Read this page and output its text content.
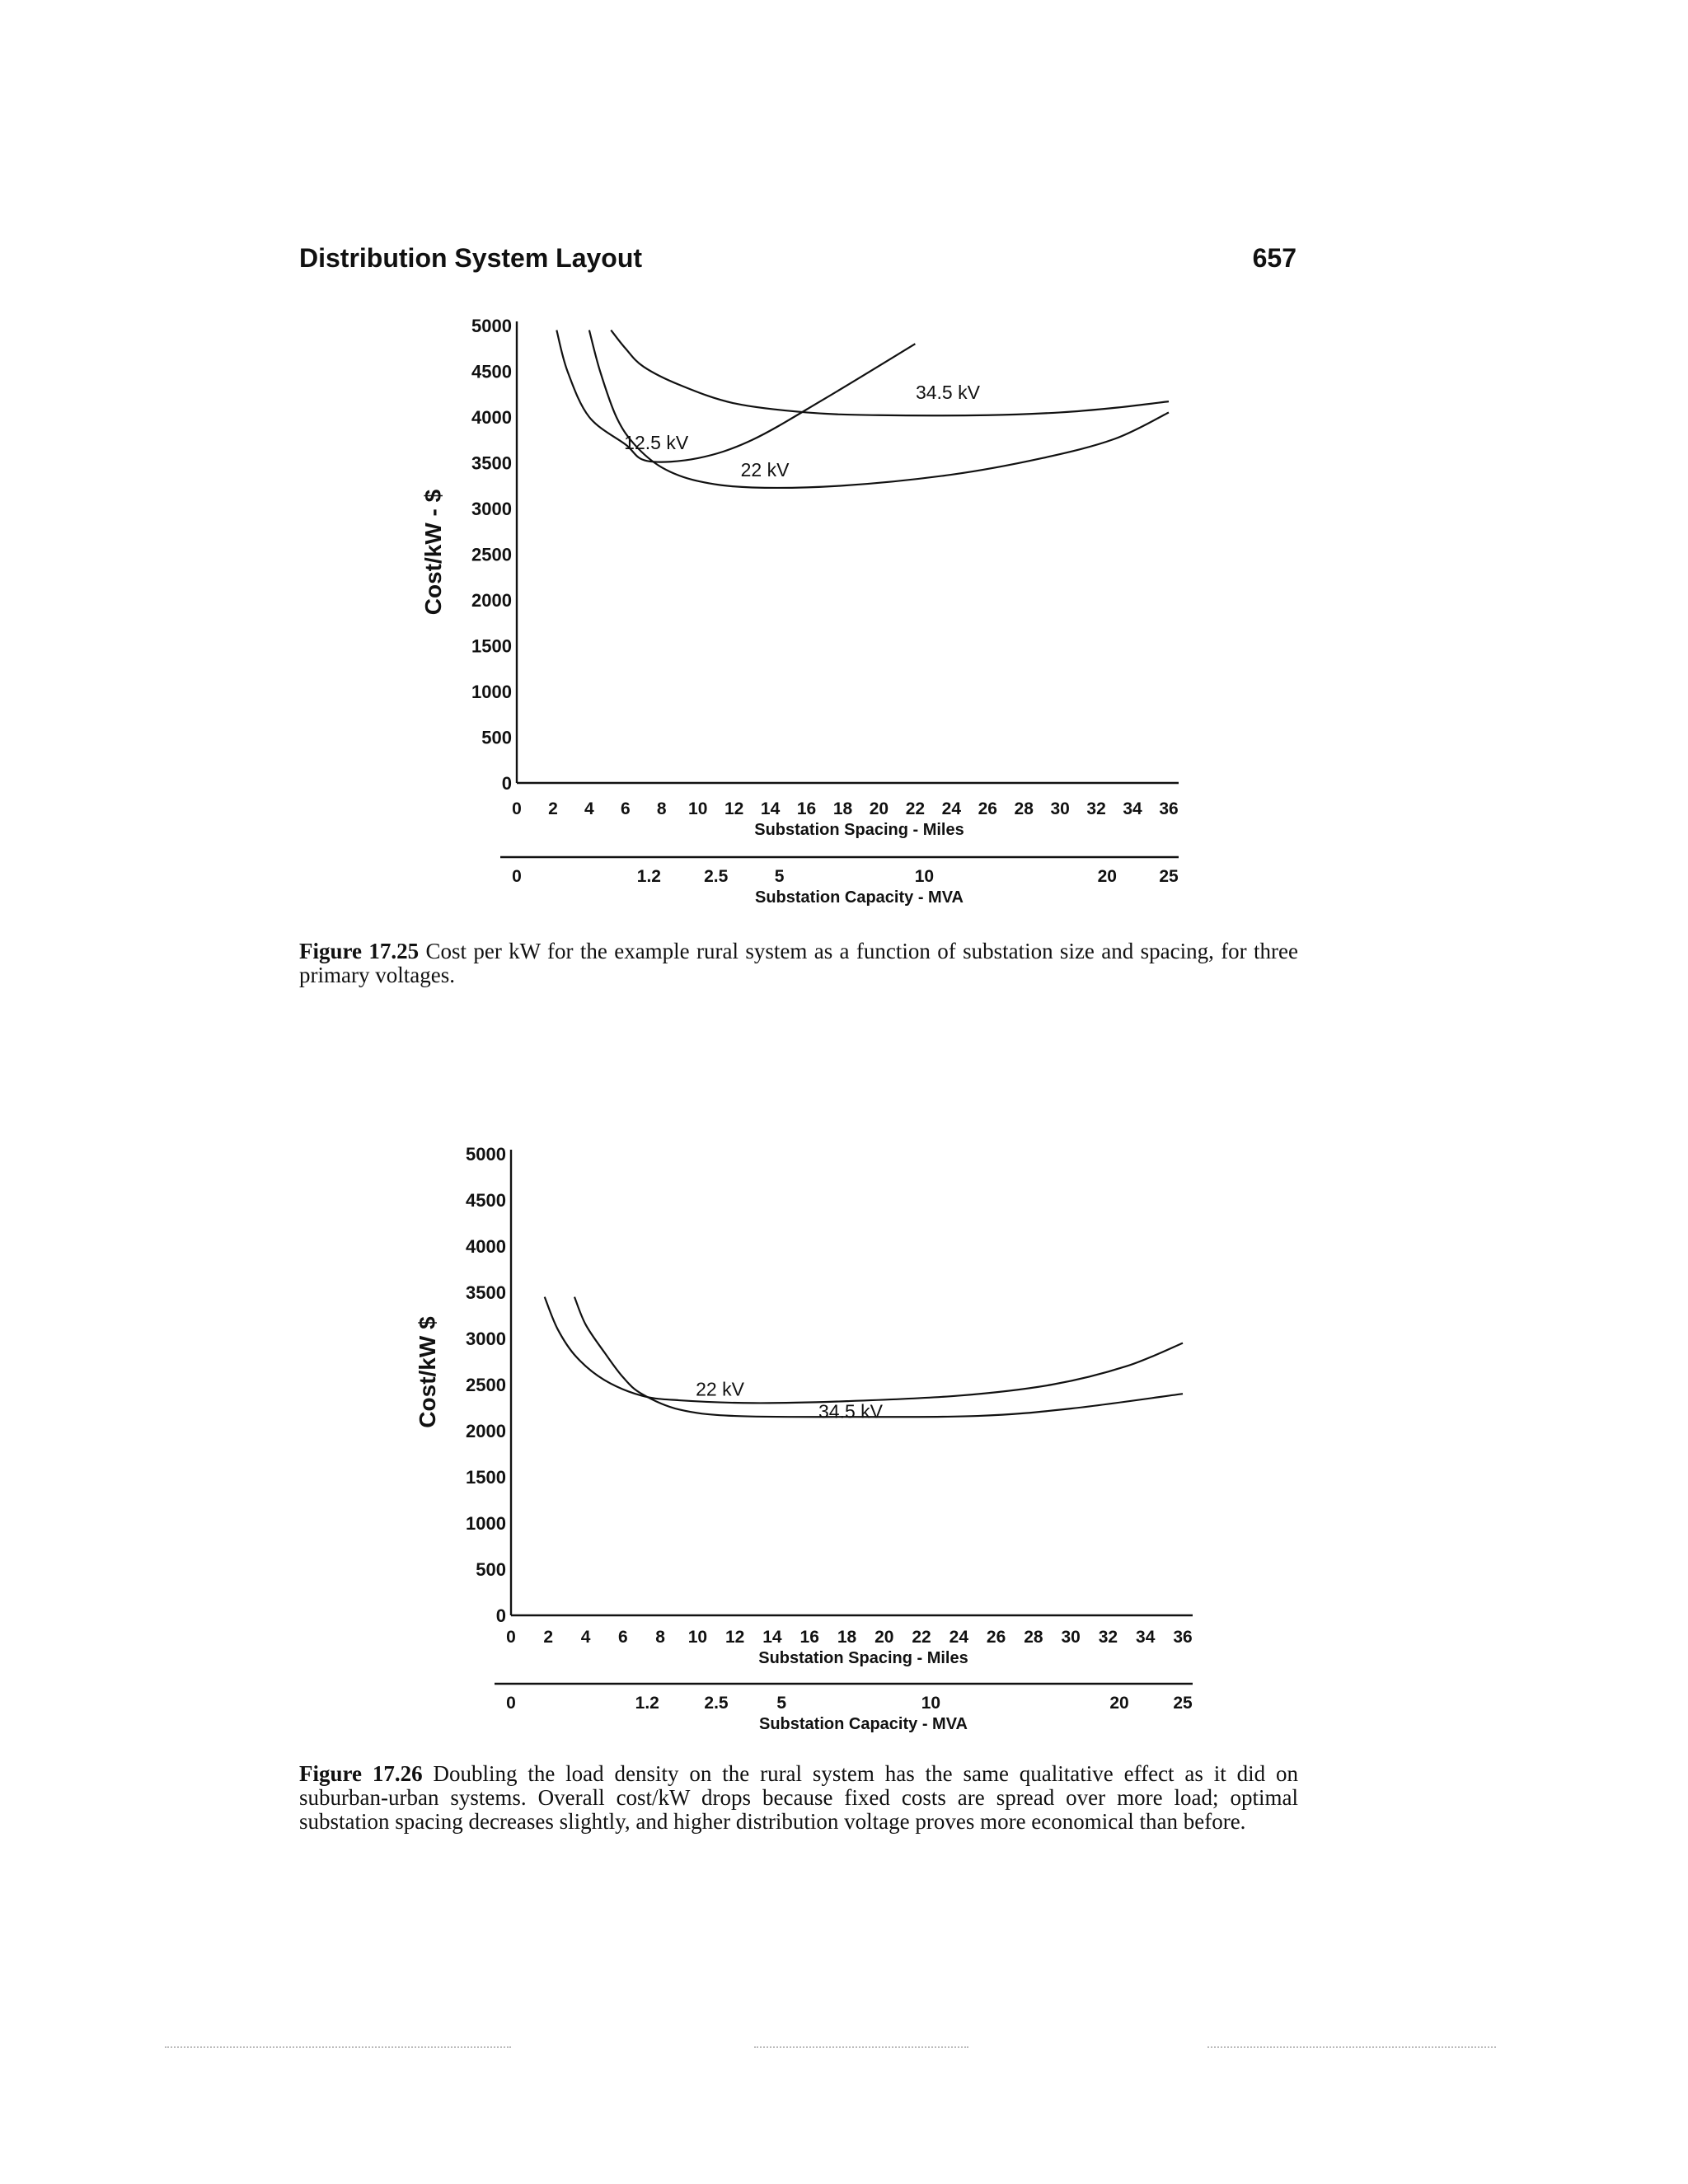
Distribution System Layout	657
0
500
1000
1500
2000
2500
3000
3500
4000
4500
5000
Cost/kW - $
0 2 4 6 8 10 12 14 16 18 20 22 24 26 28 30 32 34 36
Substation Spacing - Miles
0	1.2 2.5	5	10	20 25
Substation Capacity - MVA
12.5 kV
22 kV
34.5 kV
Figure 17.25 Cost per kW for the example rural system as a function of substation size and spacing, for three primary voltages.
0
500
1000
1500
2000
2500
3000
3500
4000
4500
5000
Cost/kW $
0 2 4 6 8 10 12 14 16 18 20 22 24 26 28 30 32 34 36
Substation Spacing - Miles
0	1.2	2.5	5	10	20	25
Substation Capacity - MVA
22 kV
34.5 kV
Figure 17.26 Doubling the load density on the rural system has the same qualitative effect as it did on suburban-urban systems. Overall cost/kW drops because fixed costs are spread over more load; optimal substation spacing decreases slightly, and higher distribution voltage proves more economical than before.
